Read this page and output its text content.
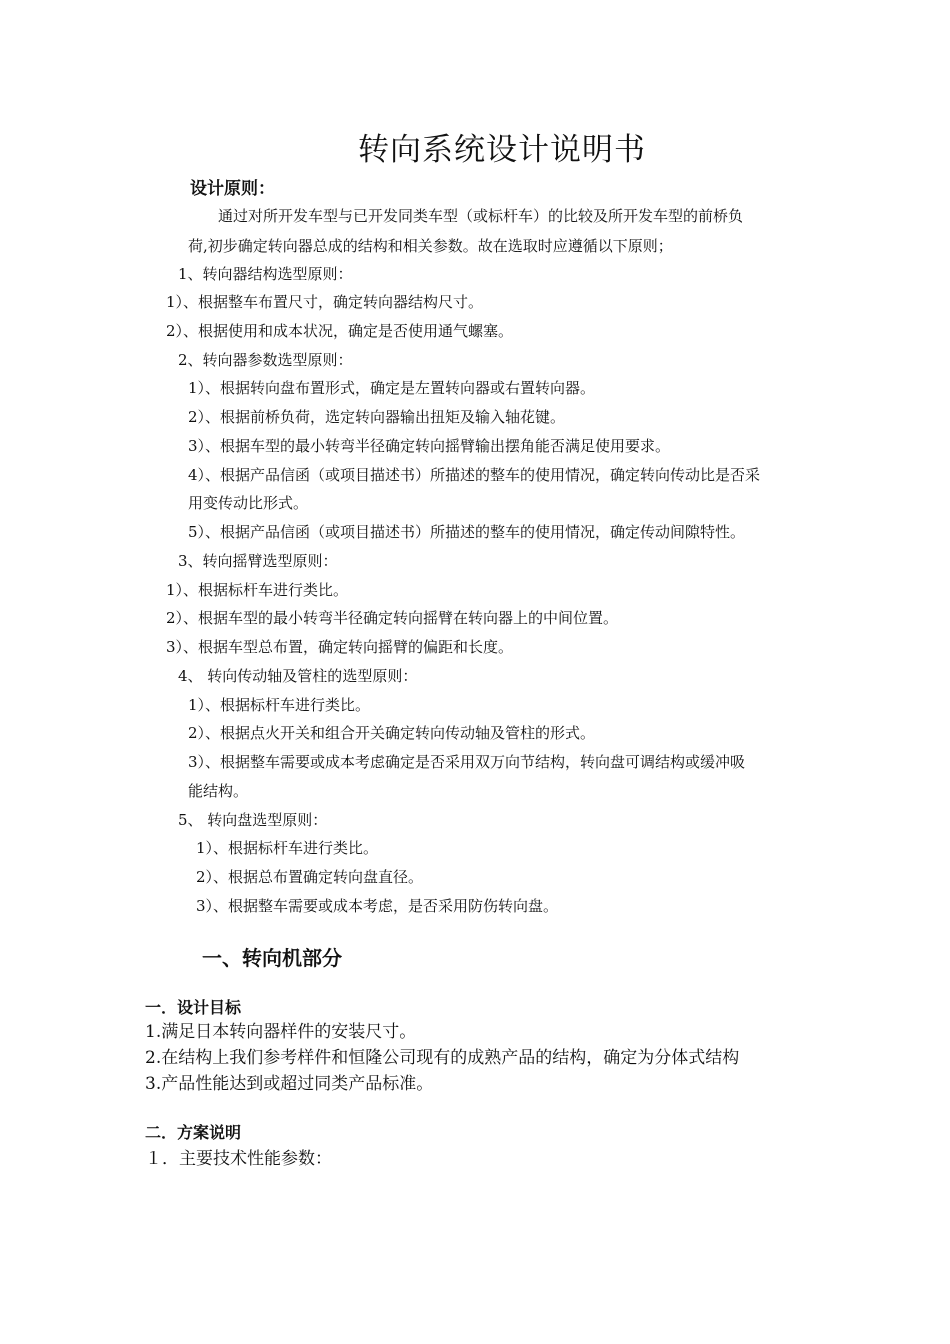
转向系统设计说明书
设计原则：
通过对所开发车型与已开发同类车型（或标杆车）的比较及所开发车型的前桥负
荷,初步确定转向器总成的结构和相关参数。故在选取时应遵循以下原则；
1、转向器结构选型原则：
1）、根据整车布置尺寸，确定转向器结构尺寸。
2）、根据使用和成本状况，确定是否使用通气螺塞。
2、转向器参数选型原则：
1）、根据转向盘布置形式，确定是左置转向器或右置转向器。
2）、根据前桥负荷，选定转向器输出扭矩及输入轴花键。
3）、根据车型的最小转弯半径确定转向摇臂输出摆角能否满足使用要求。
4）、根据产品信函（或项目描述书）所描述的整车的使用情况，确定转向传动比是否采
用变传动比形式。
5）、根据产品信函（或项目描述书）所描述的整车的使用情况，确定传动间隙特性。
3、转向摇臂选型原则：
1）、根据标杆车进行类比。
2）、根据车型的最小转弯半径确定转向摇臂在转向器上的中间位置。
3）、根据车型总布置，确定转向摇臂的偏距和长度。
4、 转向传动轴及管柱的选型原则：
1）、根据标杆车进行类比。
2）、根据点火开关和组合开关确定转向传动轴及管柱的形式。
3）、根据整车需要或成本考虑确定是否采用双万向节结构，转向盘可调结构或缓冲吸
能结构。
5、 转向盘选型原则：
1）、根据标杆车进行类比。
2）、根据总布置确定转向盘直径。
3）、根据整车需要或成本考虑，是否采用防伤转向盘。
一、转向机部分
一．设计目标
1.满足日本转向器样件的安装尺寸。
2.在结构上我们参考样件和恒隆公司现有的成熟产品的结构，确定为分体式结构
3.产品性能达到或超过同类产品标准。
二．方案说明
１．主要技术性能参数：
